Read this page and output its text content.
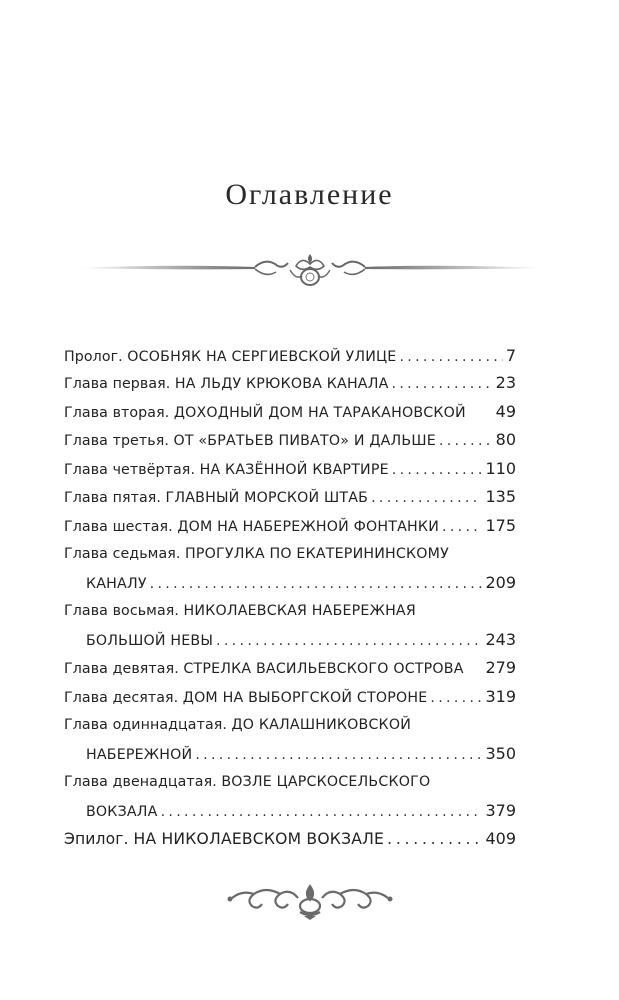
Оглавление
Пролог. ОСОБНЯК НА СЕРГИЕВСКОЙ УЛИЦЕ . . .	7
Глава первая. НА ЛЬДУ КРЮКОВА КАНАЛА . . .	23
Глава вторая. ДОХОДНЫЙ ДОМ НА ТАРАКАНОВСКОЙ 49
Глава третья. ОТ «БРАТЬЕВ ПИВАТО» И ДАЛЬШЕ . . .	80
Глава четвёртая. НА КАЗЁННОЙ КВАРТИРЕ . . .	110
Глава пятая. ГЛАВНЫЙ МОРСКОЙ ШТАБ . . .	135
Глава шестая. ДОМ НА НАБЕРЕЖНОЙ ФОНТАНКИ . . .	175
Глава седьмая. ПРОГУЛКА ПО ЕКАТЕРИНИНСКОМУ
КАНАЛУ . . .	209
Глава восьмая. НИКОЛАЕВСКАЯ НАБЕРЕЖНАЯ
БОЛЬШОЙ НЕВЫ . . .	243
Глава девятая. СТРЕЛКА ВАСИЛЬЕВСКОГО ОСТРОВА 279
Глава десятая. ДОМ НА ВЫБОРГСКОЙ СТОРОНЕ . . .	319
Глава одиннадцатая. ДО КАЛАШНИКОВСКОЙ
НАБЕРЕЖНОЙ . . .	350
Глава двенадцатая. ВОЗЛЕ ЦАРСКОСЕЛЬСКОГО
ВОКЗАЛА . . .	379
Эпилог. НА НИКОЛАЕВСКОМ ВОКЗАЛЕ . . .	409
